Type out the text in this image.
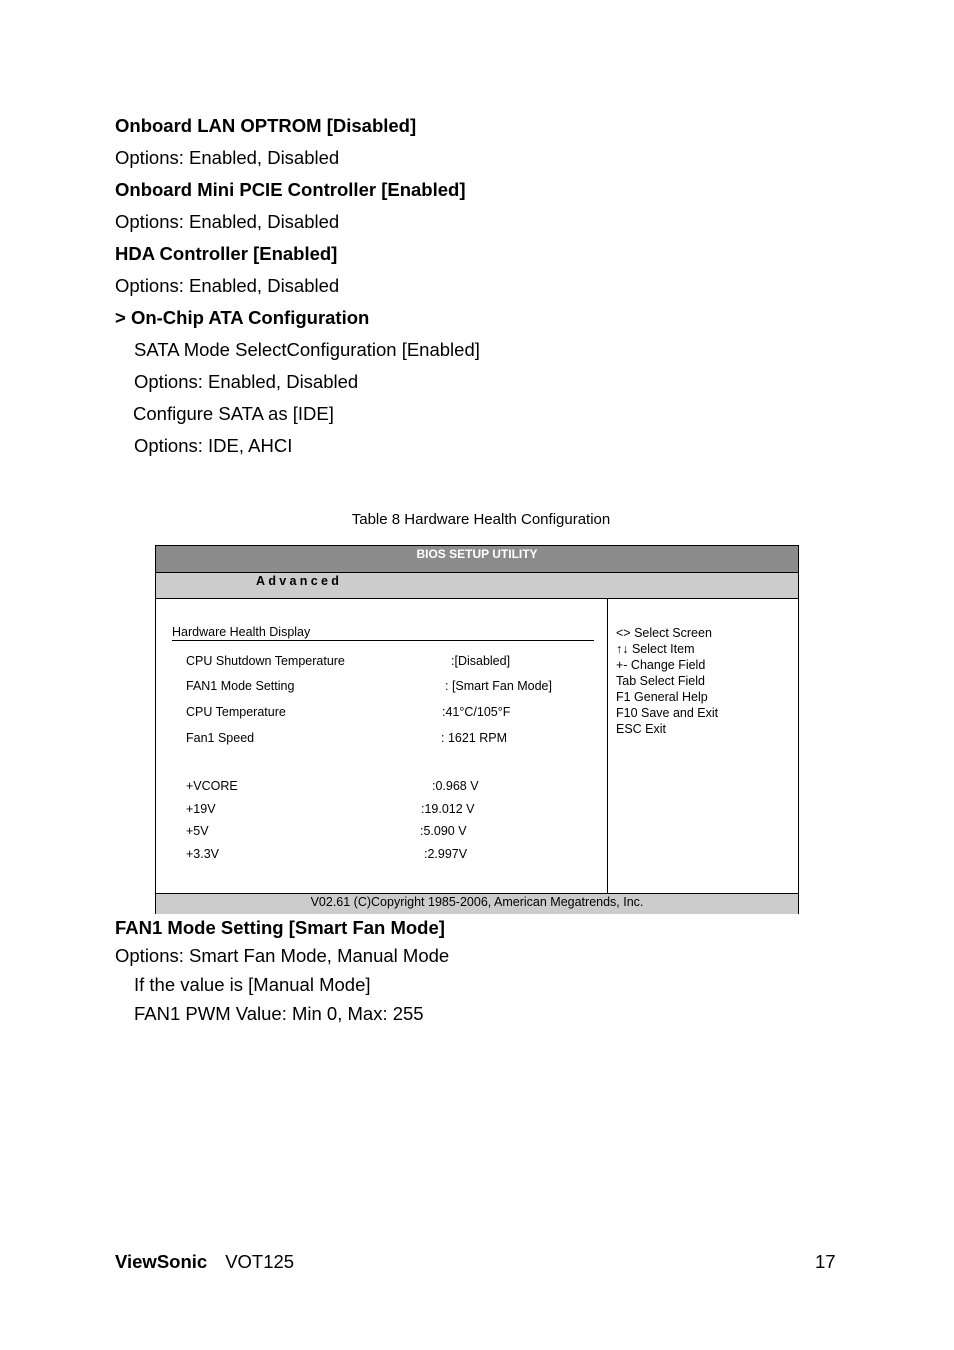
Onboard LAN OPTROM [Disabled]
Options: Enabled, Disabled
Onboard Mini PCIE Controller [Enabled]
Options: Enabled, Disabled
HDA Controller [Enabled]
Options: Enabled, Disabled
> On-Chip ATA Configuration
SATA Mode SelectConfiguration [Enabled]
Options: Enabled, Disabled
Configure SATA as [IDE]
Options: IDE, AHCI
Table 8 Hardware Health Configuration
BIOS SETUP UTILITY
Advanced
Hardware Health Display
CPU Shutdown Temperature	:[Disabled]
FAN1 Mode Setting	: [Smart Fan Mode]
CPU Temperature	:41°C/105°F
Fan1 Speed	: 1621 RPM
+VCORE	:0.968 V
+19V	:19.012 V
+5V	:5.090 V
+3.3V	:2.997V
<> Select Screen
↑↓ Select Item
+- Change Field
Tab Select Field
F1 General Help
F10 Save and Exit
ESC Exit
V02.61 (C)Copyright 1985-2006, American Megatrends, Inc.
FAN1 Mode Setting [Smart Fan Mode]
Options: Smart Fan Mode, Manual Mode
If the value is [Manual Mode]
FAN1 PWM Value: Min 0, Max: 255
ViewSonic VOT125	17
